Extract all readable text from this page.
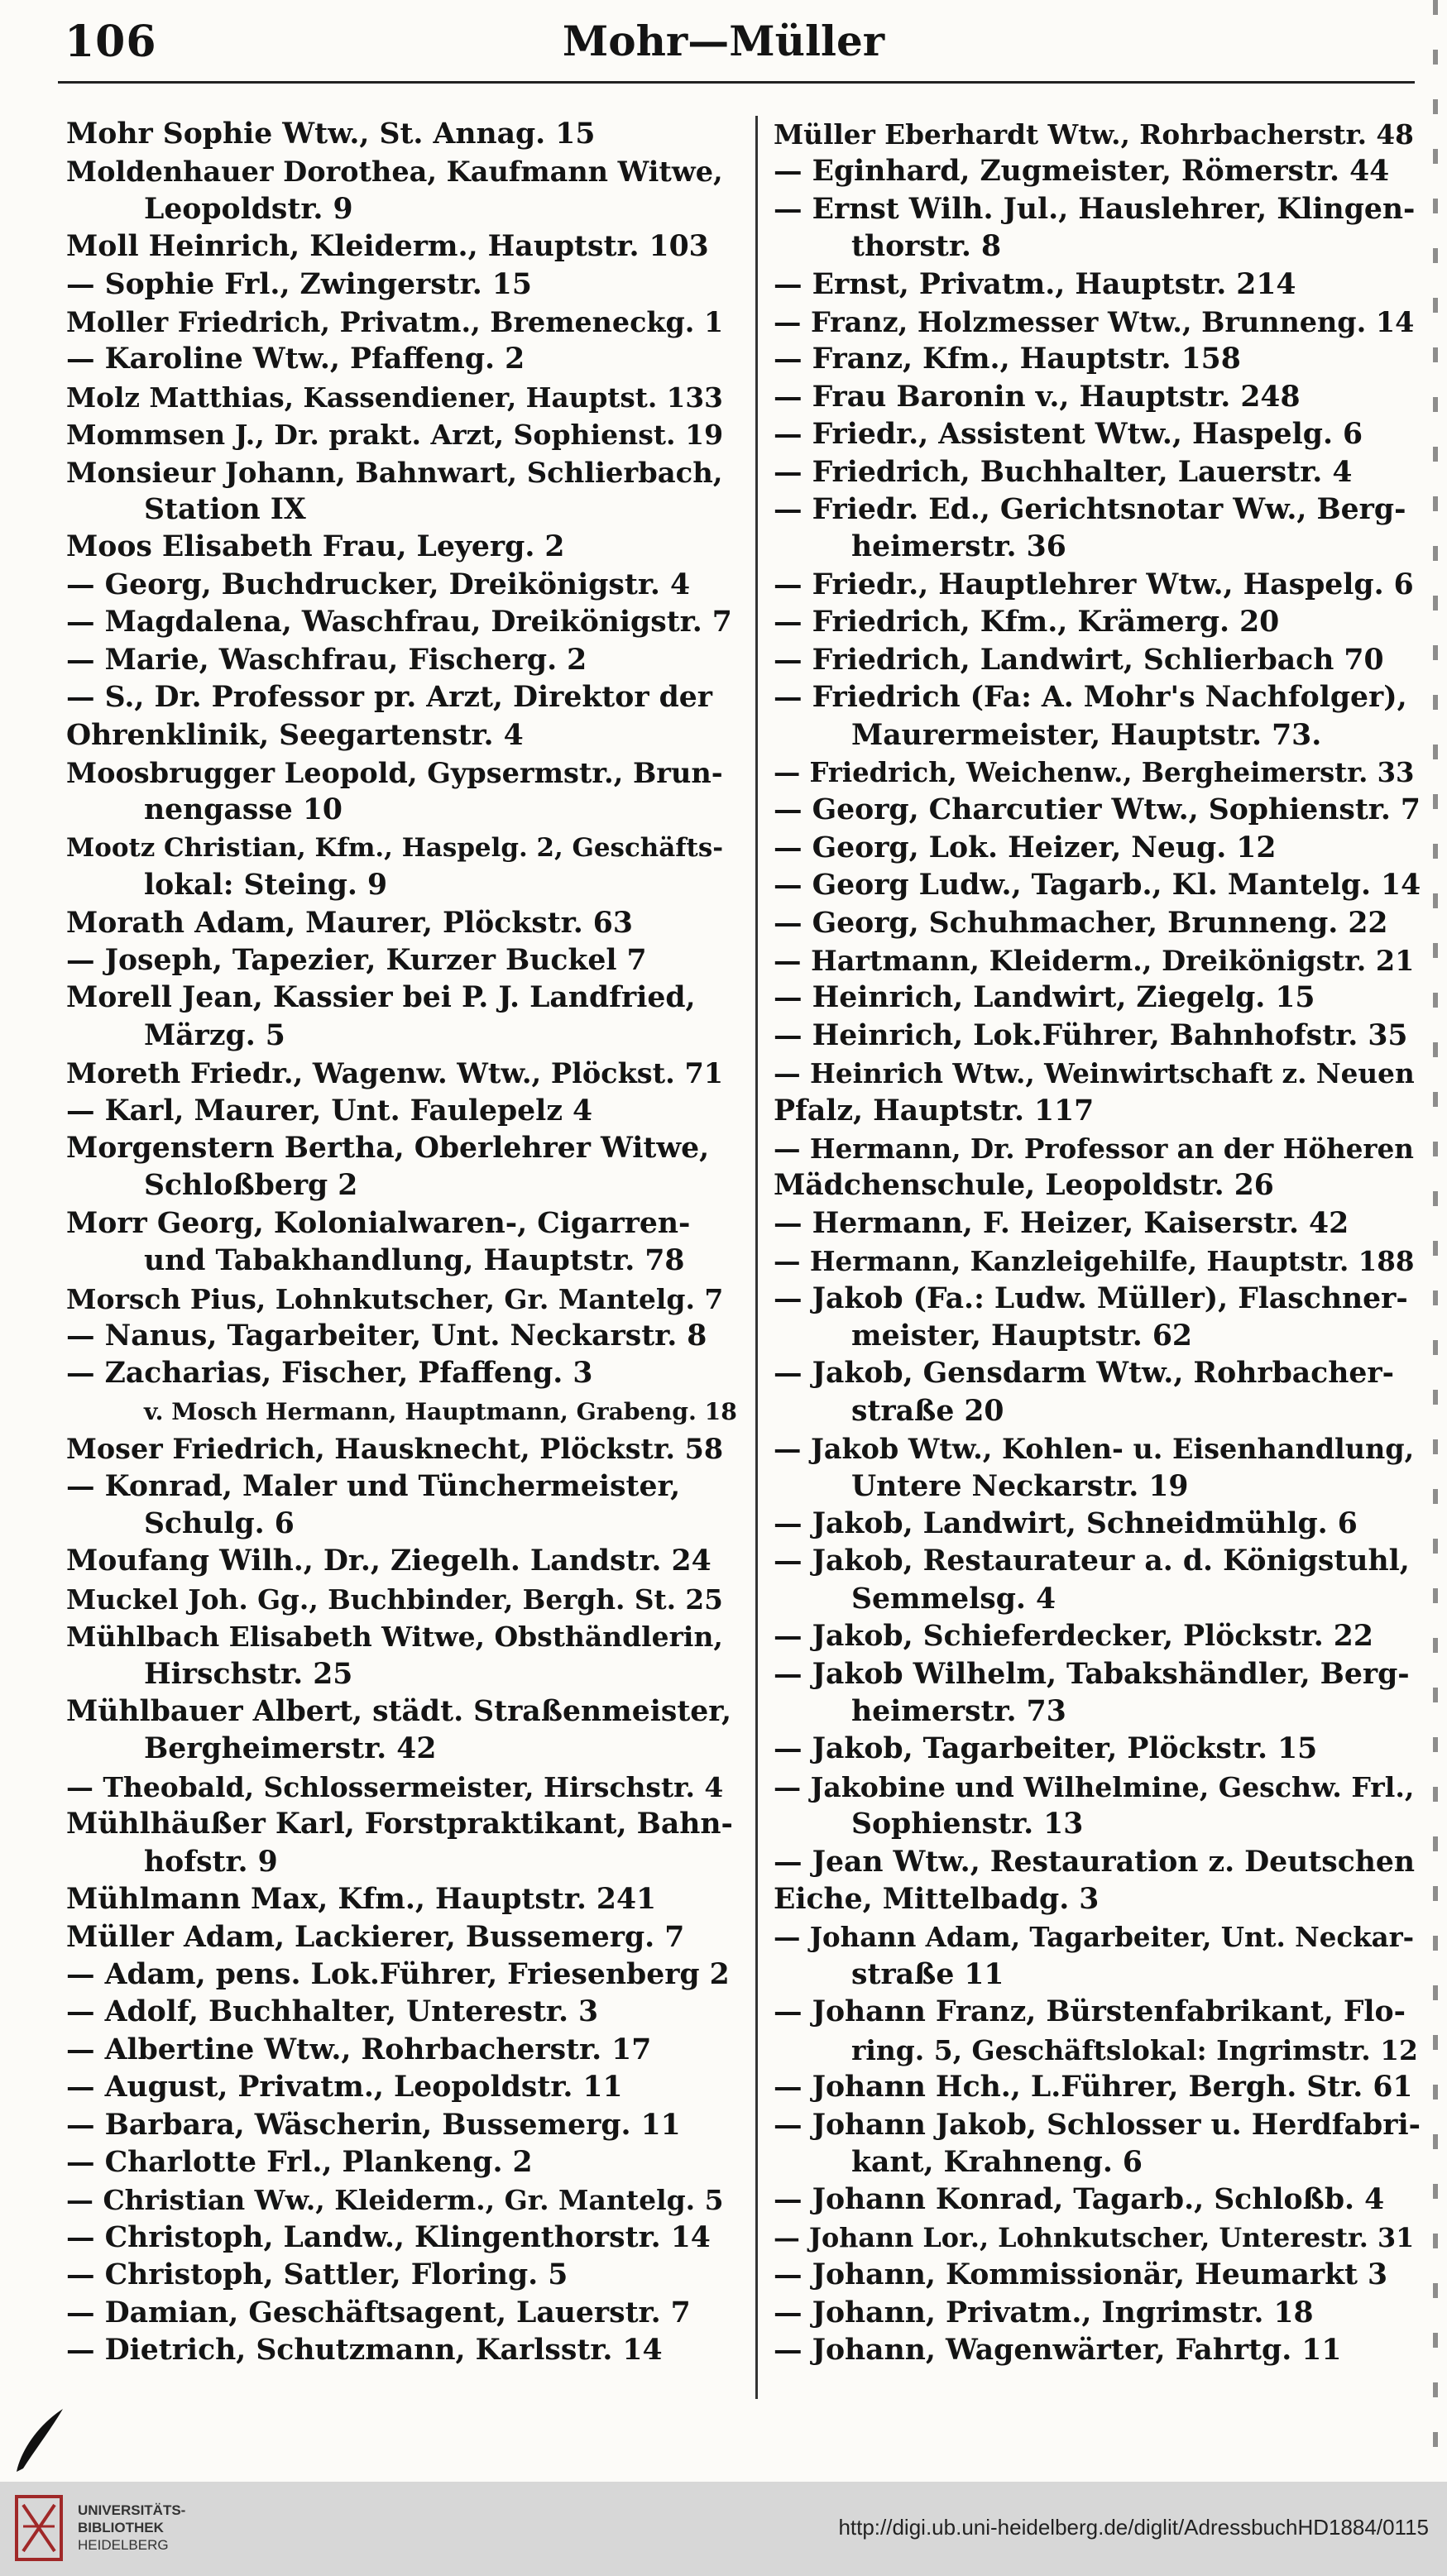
106	Mohr—Müller

Mohr Sophie Wtw., St. Annag. 15

Moldenhauer Dorothea, Kaufmann Witwe,

Leopoldstr. 9

Moll Heinrich, Kleiderm., Hauptstr. 103

— Sophie Frl., Zwingerstr. 15

Moller Friedrich, Privatm., Bremeneckg. 1

— Karoline Wtw., Pfaffeng. 2

Molz Matthias, Kassendiener, Hauptst. 133

Mommsen J., Dr. prakt. Arzt, Sophienst. 19

Monsieur Johann, Bahnwart, Schlierbach,

Station IX

Moos Elisabeth Frau, Leyerg. 2

— Georg, Buchdrucker, Dreikönigstr. 4

— Magdalena, Waschfrau, Dreikönigstr. 7

— Marie, Waschfrau, Fischerg. 2

— S., Dr. Professor pr. Arzt, Direktor der

Ohrenklinik, Seegartenstr. 4

Moosbrugger Leopold, Gypsermstr., Brun-

nengasse 10

Mootz Christian, Kfm., Haspelg. 2, Geschäfts-

lokal: Steing. 9

Morath Adam, Maurer, Plöckstr. 63

— Joseph, Tapezier, Kurzer Buckel 7

Morell Jean, Kassier bei P. J. Landfried,

Märzg. 5

Moreth Friedr., Wagenw. Wtw., Plöckst. 71

— Karl, Maurer, Unt. Faulepelz 4

Morgenstern Bertha, Oberlehrer Witwe,

Schloßberg 2

Morr Georg, Kolonialwaren-, Cigarren-

und Tabakhandlung, Hauptstr. 78

Morsch Pius, Lohnkutscher, Gr. Mantelg. 7

— Nanus, Tagarbeiter, Unt. Neckarstr. 8

— Zacharias, Fischer, Pfaffeng. 3

v. Mosch Hermann, Hauptmann, Grabeng. 18

Moser Friedrich, Hausknecht, Plöckstr. 58

— Konrad, Maler und Tünchermeister,

Schulg. 6

Moufang Wilh., Dr., Ziegelh. Landstr. 24

Muckel Joh. Gg., Buchbinder, Bergh. St. 25

Mühlbach Elisabeth Witwe, Obsthändlerin,

Hirschstr. 25

Mühlbauer Albert, städt. Straßenmeister,

Bergheimerstr. 42

— Theobald, Schlossermeister, Hirschstr. 4

Mühlhäußer Karl, Forstpraktikant, Bahn-

hofstr. 9

Mühlmann Max, Kfm., Hauptstr. 241

Müller Adam, Lackierer, Bussemerg. 7

— Adam, pens. Lok.Führer, Friesenberg 2

— Adolf, Buchhalter, Unterestr. 3

— Albertine Wtw., Rohrbacherstr. 17

— August, Privatm., Leopoldstr. 11

— Barbara, Wäscherin, Bussemerg. 11

— Charlotte Frl., Plankeng. 2

— Christian Ww., Kleiderm., Gr. Mantelg. 5

— Christoph, Landw., Klingenthorstr. 14

— Christoph, Sattler, Floring. 5

— Damian, Geschäftsagent, Lauerstr. 7

— Dietrich, Schutzmann, Karlsstr. 14

Müller Eberhardt Wtw., Rohrbacherstr. 48

— Eginhard, Zugmeister, Römerstr. 44

— Ernst Wilh. Jul., Hauslehrer, Klingen-

thorstr. 8

— Ernst, Privatm., Hauptstr. 214

— Franz, Holzmesser Wtw., Brunneng. 14

— Franz, Kfm., Hauptstr. 158

— Frau Baronin v., Hauptstr. 248

— Friedr., Assistent Wtw., Haspelg. 6

— Friedrich, Buchhalter, Lauerstr. 4

— Friedr. Ed., Gerichtsnotar Ww., Berg-

heimerstr. 36

— Friedr., Hauptlehrer Wtw., Haspelg. 6

— Friedrich, Kfm., Krämerg. 20

— Friedrich, Landwirt, Schlierbach 70

— Friedrich (Fa: A. Mohr's Nachfolger),

Maurermeister, Hauptstr. 73.

— Friedrich, Weichenw., Bergheimerstr. 33

— Georg, Charcutier Wtw., Sophienstr. 7

— Georg, Lok. Heizer, Neug. 12

— Georg Ludw., Tagarb., Kl. Mantelg. 14

— Georg, Schuhmacher, Brunneng. 22

— Hartmann, Kleiderm., Dreikönigstr. 21

— Heinrich, Landwirt, Ziegelg. 15

— Heinrich, Lok.Führer, Bahnhofstr. 35

— Heinrich Wtw., Weinwirtschaft z. Neuen

Pfalz, Hauptstr. 117

— Hermann, Dr. Professor an der Höheren

Mädchenschule, Leopoldstr. 26

— Hermann, F. Heizer, Kaiserstr. 42

— Hermann, Kanzleigehilfe, Hauptstr. 188

— Jakob (Fa.: Ludw. Müller), Flaschner-

meister, Hauptstr. 62

— Jakob, Gensdarm Wtw., Rohrbacher-

straße 20

— Jakob Wtw., Kohlen- u. Eisenhandlung,

Untere Neckarstr. 19

— Jakob, Landwirt, Schneidmühlg. 6

— Jakob, Restaurateur a. d. Königstuhl,

Semmelsg. 4

— Jakob, Schieferdecker, Plöckstr. 22

— Jakob Wilhelm, Tabakshändler, Berg-

heimerstr. 73

— Jakob, Tagarbeiter, Plöckstr. 15

— Jakobine und Wilhelmine, Geschw. Frl.,

Sophienstr. 13

— Jean Wtw., Restauration z. Deutschen

Eiche, Mittelbadg. 3

— Johann Adam, Tagarbeiter, Unt. Neckar-

straße 11

— Johann Franz, Bürstenfabrikant, Flo-

ring. 5, Geschäftslokal: Ingrimstr. 12

— Johann Hch., L.Führer, Bergh. Str. 61

— Johann Jakob, Schlosser u. Herdfabri-

kant, Krahneng. 6

— Johann Konrad, Tagarb., Schloßb. 4

— Johann Lor., Lohnkutscher, Unterestr. 31

— Johann, Kommissionär, Heumarkt 3

— Johann, Privatm., Ingrimstr. 18

— Johann, Wagenwärter, Fahrtg. 11

UNIVERSITÄTS-
BIBLIOTHEK
HEIDELBERG
http://digi.ub.uni-heidelberg.de/diglit/AdressbuchHD1884/0115
